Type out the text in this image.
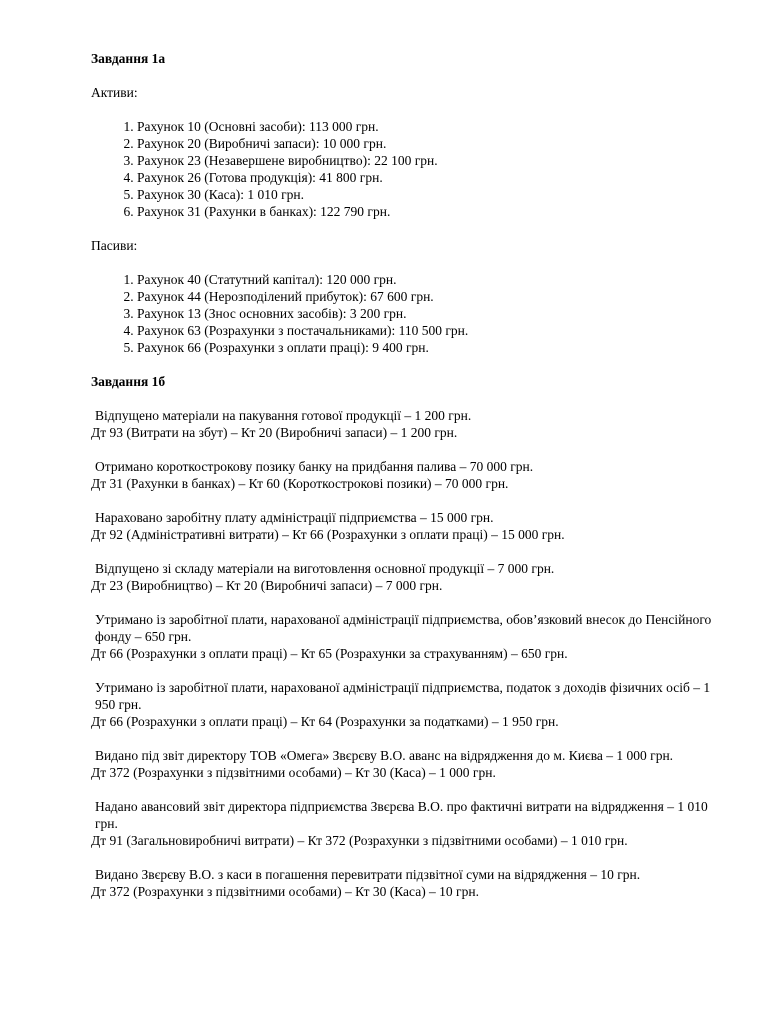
Завдання 1а
Активи:
1. Рахунок 10 (Основні засоби): 113 000 грн.
2. Рахунок 20 (Виробничі запаси): 10 000 грн.
3. Рахунок 23 (Незавершене виробництво): 22 100 грн.
4. Рахунок 26 (Готова продукція): 41 800 грн.
5. Рахунок 30 (Каса): 1 010 грн.
6. Рахунок 31 (Рахунки в банках): 122 790 грн.
Пасиви:
1. Рахунок 40 (Статутний капітал): 120 000 грн.
2. Рахунок 44 (Нерозподілений прибуток): 67 600 грн.
3. Рахунок 13 (Знос основних засобів): 3 200 грн.
4. Рахунок 63 (Розрахунки з постачальниками): 110 500 грн.
5. Рахунок 66 (Розрахунки з оплати праці): 9 400 грн.
Завдання 1б
Відпущено матеріали на пакування готової продукції – 1 200 грн.
Дт 93 (Витрати на збут) – Кт 20 (Виробничі запаси) – 1 200 грн.
Отримано короткострокову позику банку на придбання палива – 70 000 грн.
Дт 31 (Рахунки в банках) – Кт 60 (Короткострокові позики) – 70 000 грн.
Нараховано заробітну плату адміністрації підприємства – 15 000 грн.
Дт 92 (Адміністративні витрати) – Кт 66 (Розрахунки з оплати праці) – 15 000 грн.
Відпущено зі складу матеріали на виготовлення основної продукції – 7 000 грн.
Дт 23 (Виробництво) – Кт 20 (Виробничі запаси) – 7 000 грн.
Утримано із заробітної плати, нарахованої адміністрації підприємства, обов’язковий внесок до Пенсійного фонду – 650 грн.
Дт 66 (Розрахунки з оплати праці) – Кт 65 (Розрахунки за страхуванням) – 650 грн.
Утримано із заробітної плати, нарахованої адміністрації підприємства, податок з доходів фізичних осіб – 1 950 грн.
Дт 66 (Розрахунки з оплати праці) – Кт 64 (Розрахунки за податками) – 1 950 грн.
Видано під звіт директору ТОВ «Омега» Звєрєву В.О. аванс на відрядження до м. Києва – 1 000 грн.
Дт 372 (Розрахунки з підзвітними особами) – Кт 30 (Каса) – 1 000 грн.
Надано авансовий звіт директора підприємства Звєрєва В.О. про фактичні витрати на відрядження – 1 010 грн.
Дт 91 (Загальновиробничі витрати) – Кт 372 (Розрахунки з підзвітними особами) – 1 010 грн.
Видано Звєрєву В.О. з каси в погашення перевитрати підзвітної суми на відрядження – 10 грн.
Дт 372 (Розрахунки з підзвітними особами) – Кт 30 (Каса) – 10 грн.
